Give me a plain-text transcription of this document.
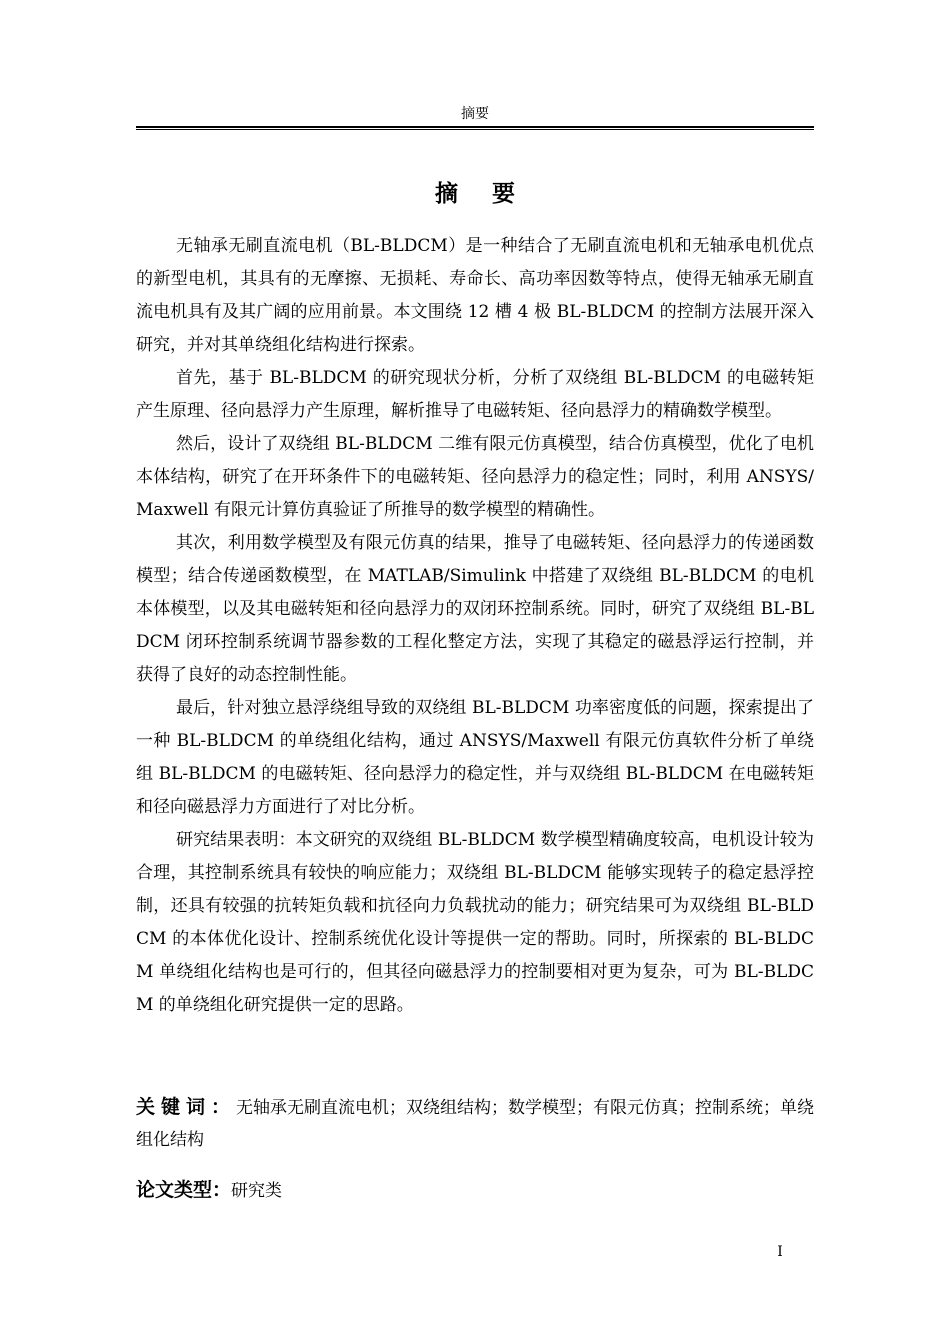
摘要
摘要

无轴承无刷直流电机（BL-BLDCM）是一种结合了无刷直流电机和无轴承电机优点的新型电机，其具有的无摩擦、无损耗、寿命长、高功率因数等特点，使得无轴承无刷直流电机具有及其广阔的应用前景。本文围绕 12 槽 4 极 BL-BLDCM 的控制方法展开深入研究，并对其单绕组化结构进行探索。

首先，基于 BL-BLDCM 的研究现状分析，分析了双绕组 BL-BLDCM 的电磁转矩产生原理、径向悬浮力产生原理，解析推导了电磁转矩、径向悬浮力的精确数学模型。

然后，设计了双绕组 BL-BLDCM 二维有限元仿真模型，结合仿真模型，优化了电机本体结构，研究了在开环条件下的电磁转矩、径向悬浮力的稳定性；同时，利用 ANSYS/Maxwell 有限元计算仿真验证了所推导的数学模型的精确性。

其次，利用数学模型及有限元仿真的结果，推导了电磁转矩、径向悬浮力的传递函数模型；结合传递函数模型，在 MATLAB/Simulink 中搭建了双绕组 BL-BLDCM 的电机本体模型，以及其电磁转矩和径向悬浮力的双闭环控制系统。同时，研究了双绕组 BL-BLDCM 闭环控制系统调节器参数的工程化整定方法，实现了其稳定的磁悬浮运行控制，并获得了良好的动态控制性能。

最后，针对独立悬浮绕组导致的双绕组 BL-BLDCM 功率密度低的问题，探索提出了一种 BL-BLDCM 的单绕组化结构，通过 ANSYS/Maxwell 有限元仿真软件分析了单绕组 BL-BLDCM 的电磁转矩、径向悬浮力的稳定性，并与双绕组 BL-BLDCM 在电磁转矩和径向磁悬浮力方面进行了对比分析。

研究结果表明：本文研究的双绕组 BL-BLDCM 数学模型精确度较高，电机设计较为合理，其控制系统具有较快的响应能力；双绕组 BL-BLDCM 能够实现转子的稳定悬浮控制，还具有较强的抗转矩负载和抗径向力负载扰动的能力；研究结果可为双绕组 BL-BLDCM 的本体优化设计、控制系统优化设计等提供一定的帮助。同时，所探索的 BL-BLDCM 单绕组化结构也是可行的，但其径向磁悬浮力的控制要相对更为复杂，可为 BL-BLDCM 的单绕组化研究提供一定的思路。

关键词：无轴承无刷直流电机；双绕组结构；数学模型；有限元仿真；控制系统；单绕组化结构
论文类型：研究类
I
